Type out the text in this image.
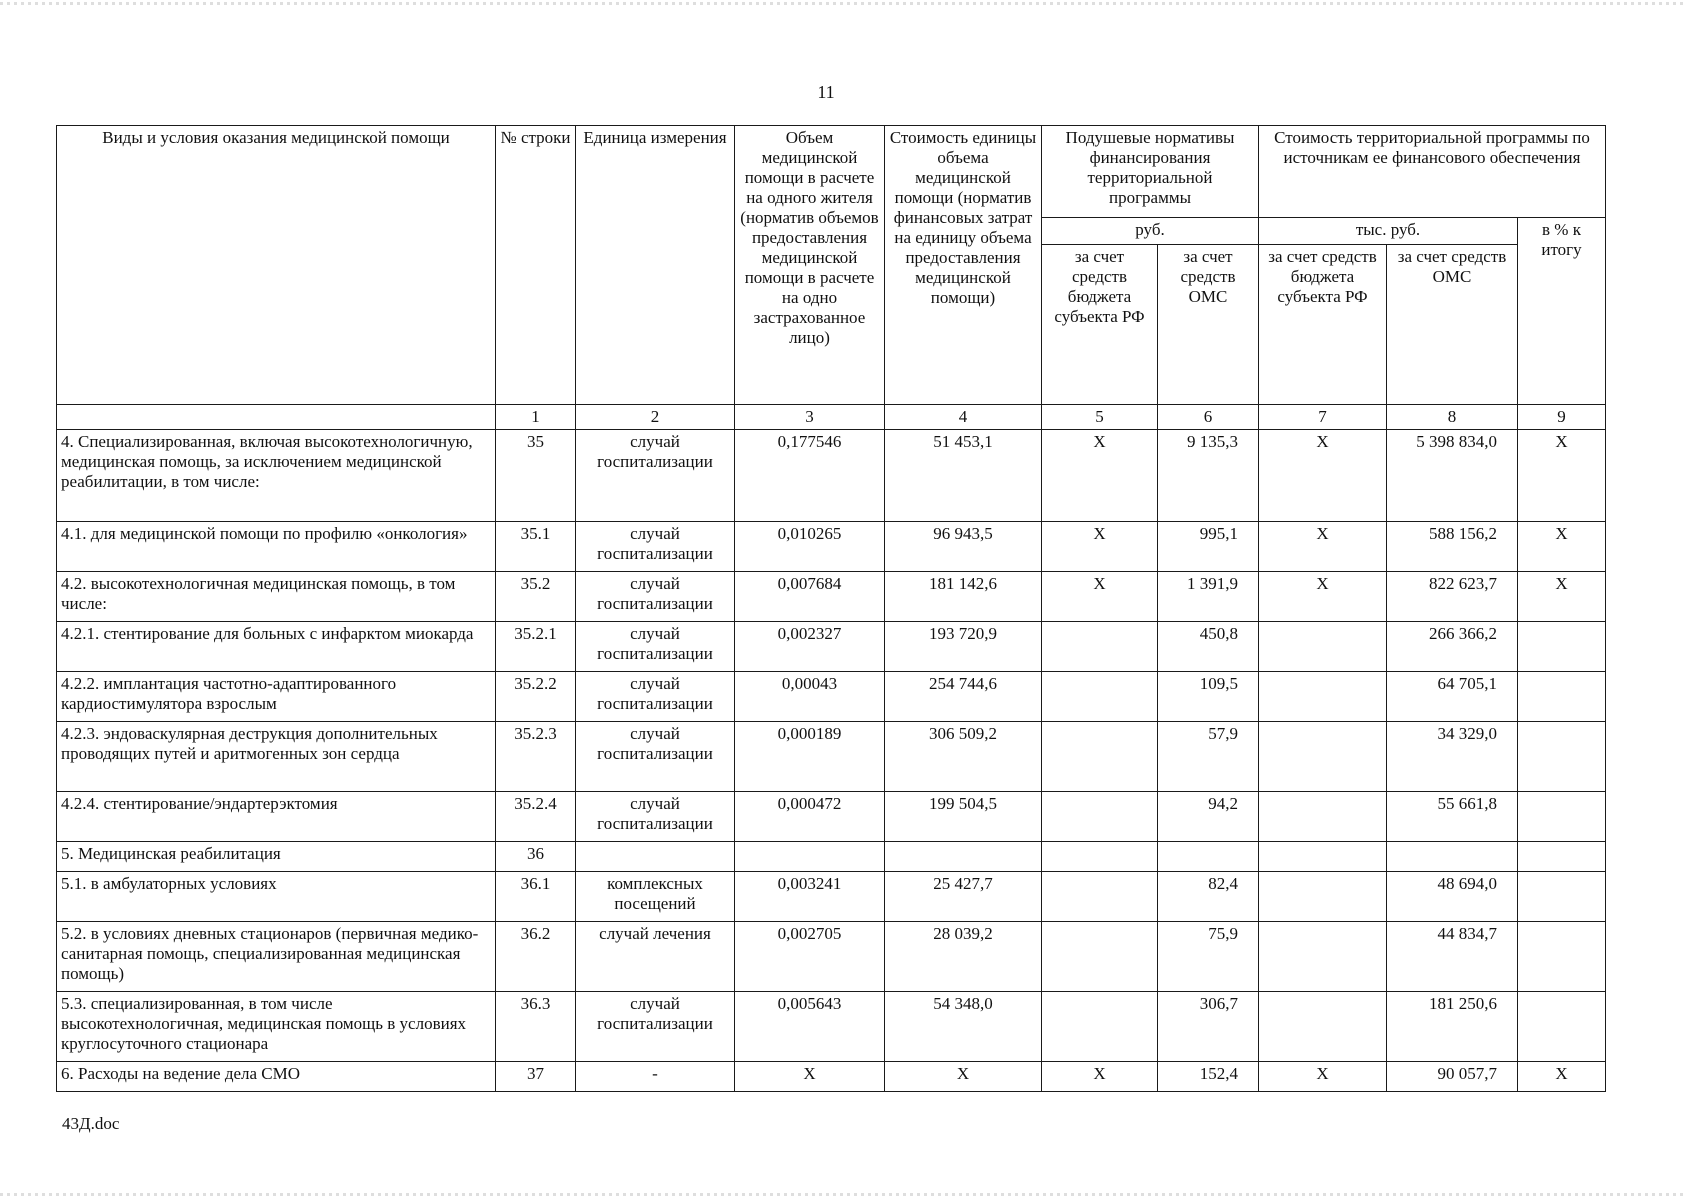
11
Виды и условия оказания медицинской помощи	№ строки	Единица измерения	Объем медицинской помощи в расчете на одного жителя (норматив объемов предоставления медицинской помощи в расчете на одно застрахованное лицо)	Стоимость единицы объема медицинской помощи (норматив финансовых затрат на единицу объема предоставления медицинской помощи)	Подушевые нормативы финансирования территориальной программы		Стоимость территориальной программы по источникам ее финансового обеспечения		
					руб.		тыс. руб.		в % к итогу
					за счет средств бюджета субъекта РФ	за счет средств ОМС	за счет средств бюджета субъекта РФ	за счет средств ОМС	
	1	2	3	4	5	6	7	8	9
4. Специализированная, включая высокотехнологичную, медицинская помощь, за исключением медицинской реабилитации, в том числе:	35	случай госпитализации	0,177546	51 453,1	X	9 135,3	X	5 398 834,0	X
4.1. для медицинской помощи по профилю «онкология»	35.1	случай госпитализации	0,010265	96 943,5	X	995,1	X	588 156,2	X
4.2. высокотехнологичная медицинская помощь, в том числе:	35.2	случай госпитализации	0,007684	181 142,6	X	1 391,9	X	822 623,7	X
4.2.1. стентирование для больных с инфарктом миокарда	35.2.1	случай госпитализации	0,002327	193 720,9		450,8		266 366,2	
4.2.2. имплантация частотно-адаптированного кардиостимулятора взрослым	35.2.2	случай госпитализации	0,00043	254 744,6		109,5		64 705,1	
4.2.3. эндоваскулярная деструкция дополнительных проводящих путей и аритмогенных зон сердца	35.2.3	случай госпитализации	0,000189	306 509,2		57,9		34 329,0	
4.2.4. стентирование/эндартерэктомия	35.2.4	случай госпитализации	0,000472	199 504,5		94,2		55 661,8	
5. Медицинская реабилитация	36								
5.1. в амбулаторных условиях	36.1	комплексных посещений	0,003241	25 427,7		82,4		48 694,0	
5.2. в условиях дневных стационаров (первичная медико-санитарная помощь, специализированная медицинская помощь)	36.2	случай лечения	0,002705	28 039,2		75,9		44 834,7	
5.3. специализированная, в том числе высокотехнологичная, медицинская помощь в условиях круглосуточного стационара	36.3	случай госпитализации	0,005643	54 348,0		306,7		181 250,6	
6. Расходы на ведение дела СМО	37	-	X	X	X	152,4	X	90 057,7	X
43Д.doc
